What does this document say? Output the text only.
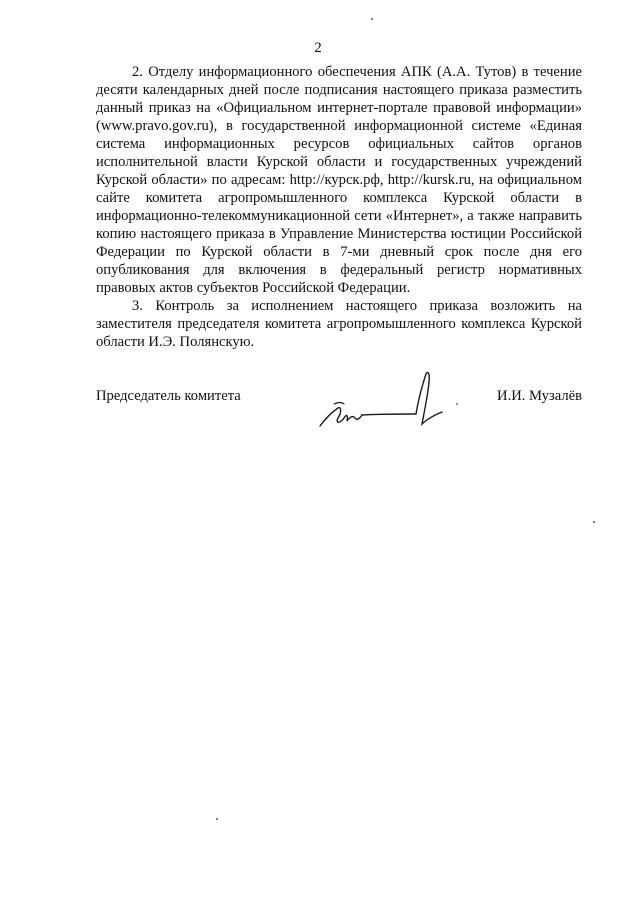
2

2. Отделу информационного обеспечения АПК (А.А. Тутов) в течение десяти календарных дней после подписания настоящего приказа разместить данный приказ на «Официальном интернет-портале правовой информации» (www.pravo.gov.ru), в государственной информационной системе «Единая система информационных ресурсов официальных сайтов органов исполнительной власти Курской области и государственных учреждений Курской области» по адресам: http://курск.рф, http://kursk.ru, на официальном сайте комитета агропромышленного комплекса Курской области в информационно-телекоммуникационной сети «Интернет», а также направить копию настоящего приказа в Управление Министерства юстиции Российской Федерации по Курской области в 7-ми дневный срок после дня его опубликования для включения в федеральный регистр нормативных правовых актов субъектов Российской Федерации.

3. Контроль за исполнением настоящего приказа возложить на заместителя председателя комитета агропромышленного комплекса Курской области И.Э. Полянскую.

Председатель комитета	И.И. Музалёв
